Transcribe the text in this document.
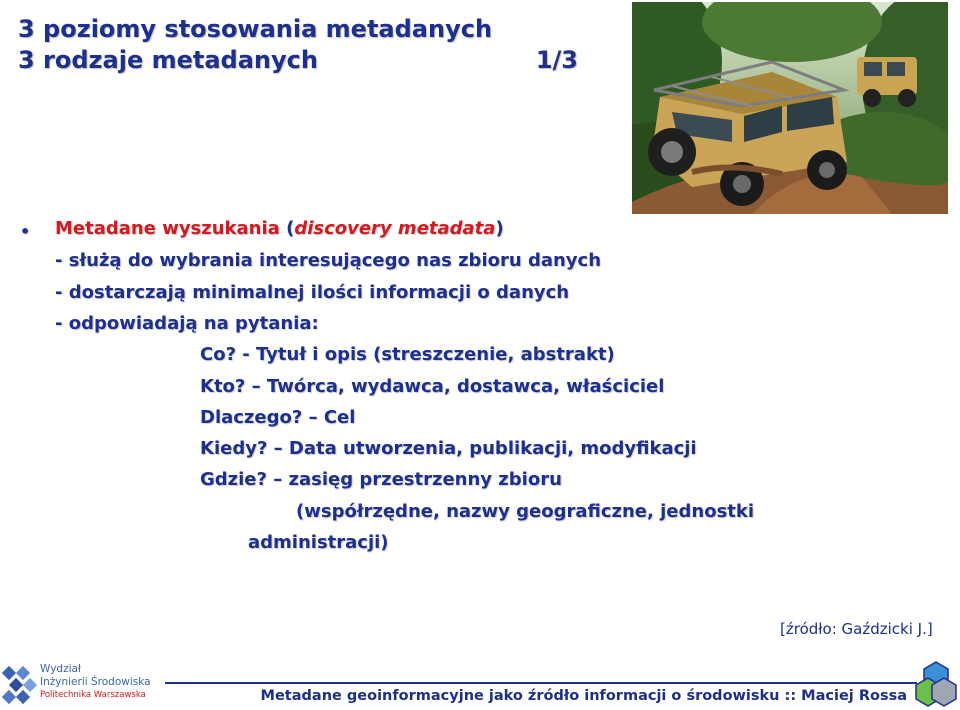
3 poziomy stosowania metadanych
3 rodzaje metadanych	1/3
• Metadane wyszukania (discovery metadata)
- służą do wybrania interesującego nas zbioru danych
- dostarczają minimalnej ilości informacji o danych
- odpowiadają na pytania:
Co? - Tytuł i opis (streszczenie, abstrakt)
Kto? – Twórca, wydawca, dostawca, właściciel
Dlaczego? – Cel
Kiedy? – Data utworzenia, publikacji, modyfikacji
Gdzie? – zasięg przestrzenny zbioru
(współrzędne, nazwy geograficzne, jednostki
administracji)
[źródło: Gaździcki J.]
Metadane geoinformacyjne jako źródło informacji o środowisku :: Maciej Rossa
Wydział
Inżynierii Środowiska
Politechnika Warszawska
